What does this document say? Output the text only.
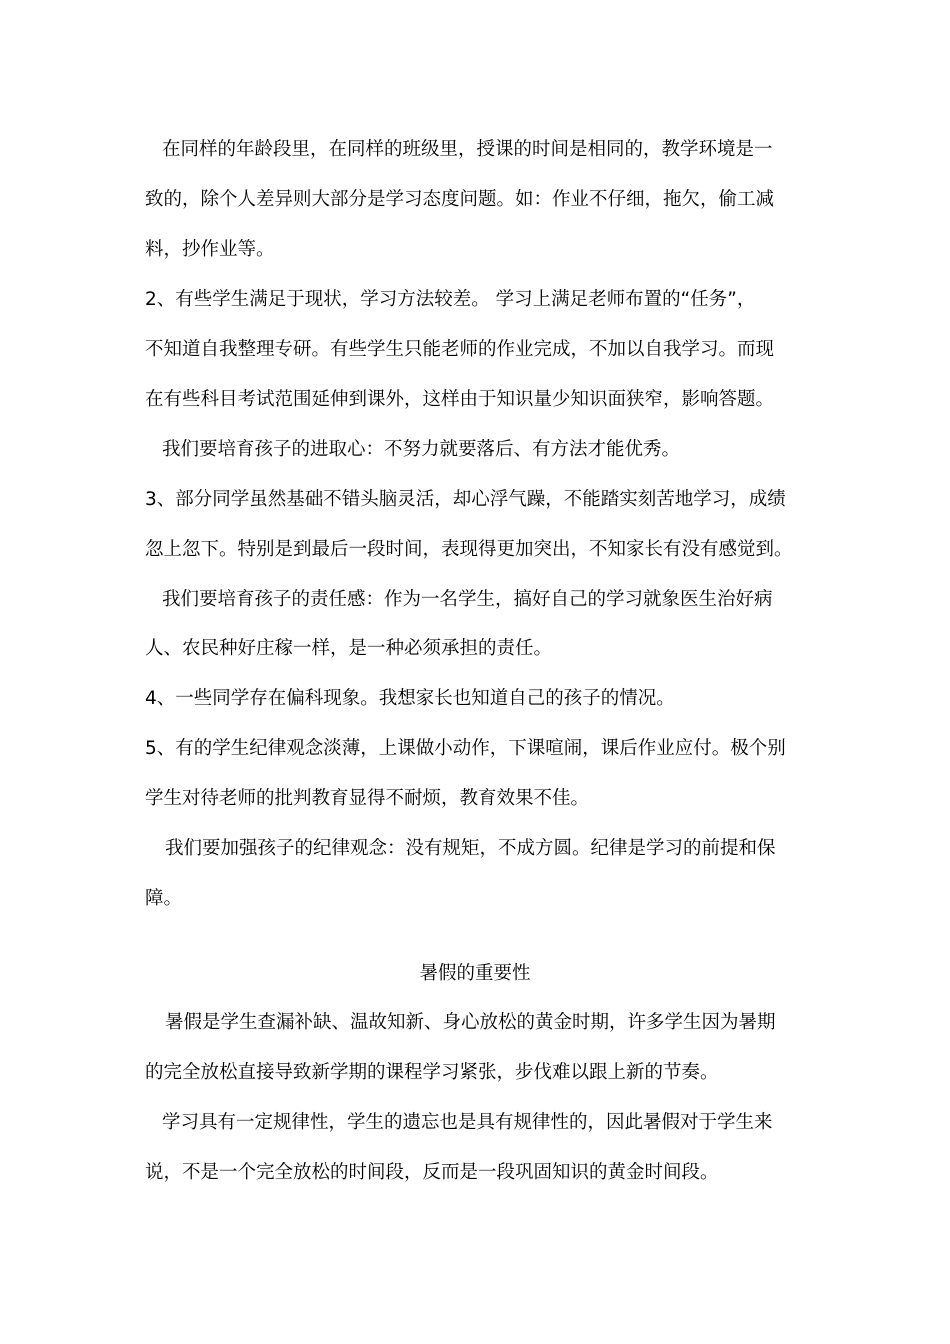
在同样的年龄段里，在同样的班级里，授课的时间是相同的，教学环境是一
致的，除个人差异则大部分是学习态度问题。如：作业不仔细，拖欠，偷工减
料，抄作业等。
2、有些学生满足于现状，学习方法较差。 学习上满足老师布置的“任务”，
不知道自我整理专研。有些学生只能老师的作业完成，不加以自我学习。而现
在有些科目考试范围延伸到课外，这样由于知识量少知识面狭窄，影响答题。
我们要培育孩子的进取心：不努力就要落后、有方法才能优秀。
3、部分同学虽然基础不错头脑灵活，却心浮气躁，不能踏实刻苦地学习，成绩
忽上忽下。特别是到最后一段时间，表现得更加突出，不知家长有没有感觉到。
我们要培育孩子的责任感：作为一名学生，搞好自己的学习就象医生治好病
人、农民种好庄稼一样，是一种必须承担的责任。
4、一些同学存在偏科现象。我想家长也知道自己的孩子的情况。
5、有的学生纪律观念淡薄，上课做小动作，下课喧闹，课后作业应付。极个别
学生对待老师的批判教育显得不耐烦，教育效果不佳。
我们要加强孩子的纪律观念：没有规矩，不成方圆。纪律是学习的前提和保
障。
暑假的重要性
暑假是学生查漏补缺、温故知新、身心放松的黄金时期，许多学生因为暑期
的完全放松直接导致新学期的课程学习紧张，步伐难以跟上新的节奏。
学习具有一定规律性，学生的遗忘也是具有规律性的，因此暑假对于学生来
说，不是一个完全放松的时间段，反而是一段巩固知识的黄金时间段。
